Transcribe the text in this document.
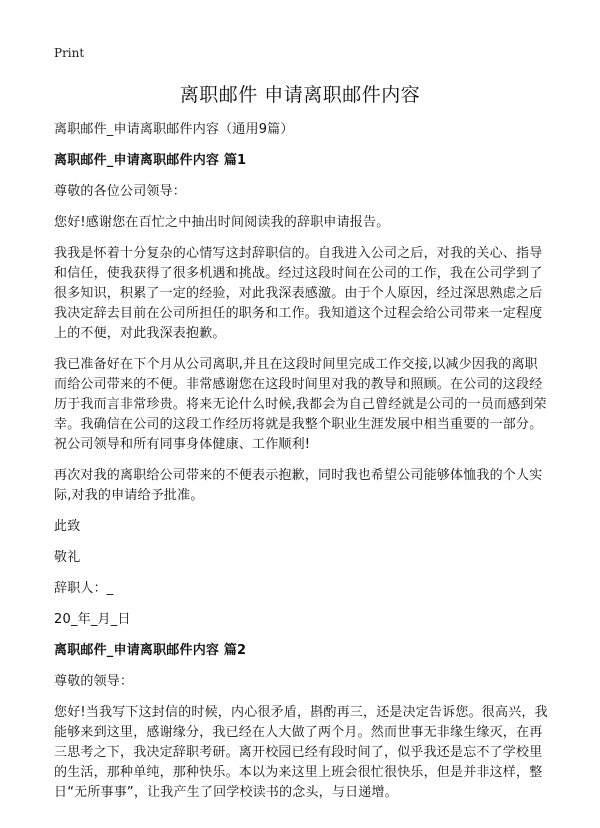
Print
离职邮件 申请离职邮件内容

离职邮件_申请离职邮件内容（通用9篇）

离职邮件_申请离职邮件内容 篇1

尊敬的各位公司领导：

您好!感谢您在百忙之中抽出时间阅读我的辞职申请报告。

我我是怀着十分复杂的心情写这封辞职信的。自我进入公司之后，对我的关心、指导和信任，使我获得了很多机遇和挑战。经过这段时间在公司的工作，我在公司学到了很多知识，积累了一定的经验，对此我深表感激。由于个人原因，经过深思熟虑之后我决定辞去目前在公司所担任的职务和工作。我知道这个过程会给公司带来一定程度上的不便，对此我深表抱歉。

我已准备好在下个月从公司离职,并且在这段时间里完成工作交接,以减少因我的离职而给公司带来的不便。非常感谢您在这段时间里对我的教导和照顾。在公司的这段经历于我而言非常珍贵。将来无论什么时候,我都会为自己曾经就是公司的一员而感到荣幸。我确信在公司的这段工作经历将就是我整个职业生涯发展中相当重要的一部分。祝公司领导和所有同事身体健康、工作顺利!

再次对我的离职给公司带来的不便表示抱歉，同时我也希望公司能够体恤我的个人实际,对我的申请给予批准。

此致

敬礼

辞职人：_

20_年_月_日

离职邮件_申请离职邮件内容 篇2

尊敬的领导：

您好!当我写下这封信的时候，内心很矛盾，斟酌再三，还是决定告诉您。很高兴，我能够来到这里，感谢缘分，我已经在人大做了两个月。然而世事无非缘生缘灭，在再三思考之下，我决定辞职考研。离开校园已经有段时间了，似乎我还是忘不了学校里的生活，那种单纯，那种快乐。本以为来这里上班会很忙很快乐，但是并非这样，整日“无所事事”，让我产生了回学校读书的念头，与日递增。
